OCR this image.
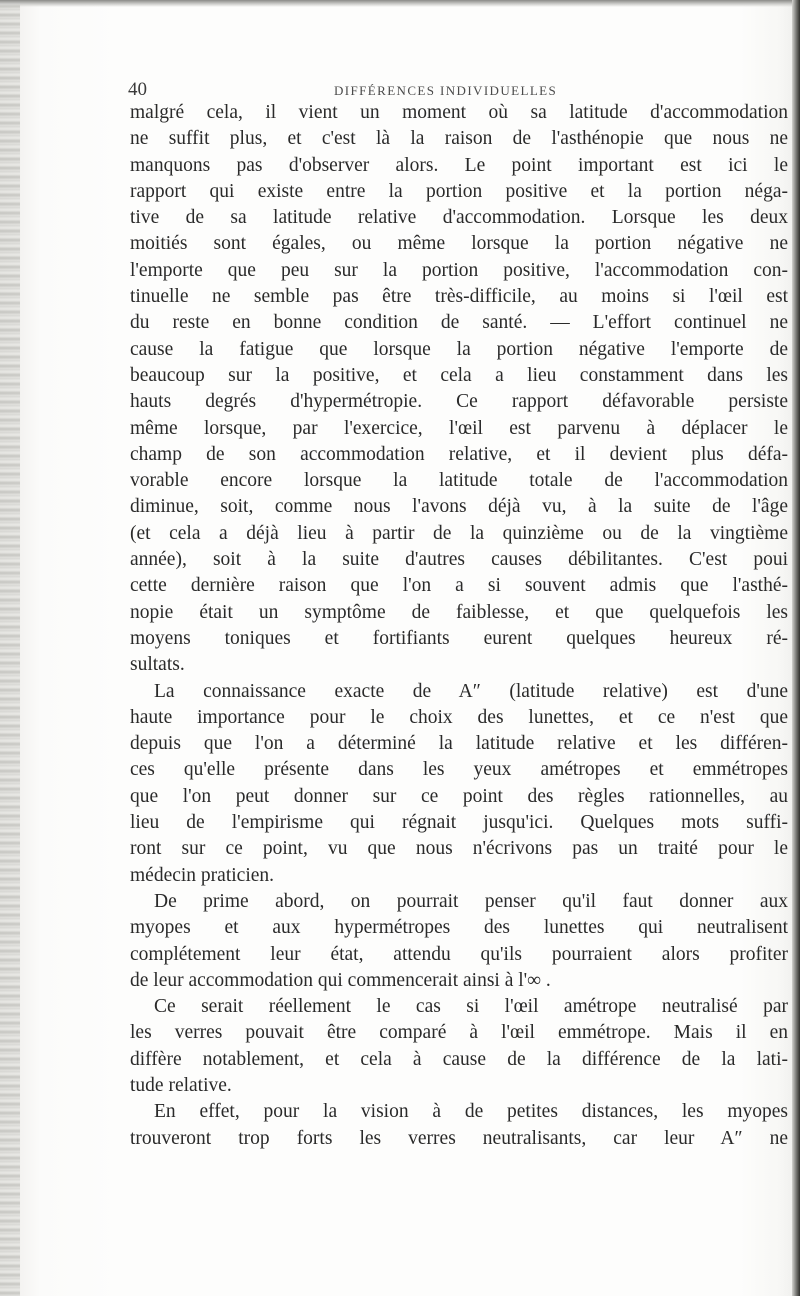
40	DIFFÉRENCES INDIVIDUELLES
malgré cela, il vient un moment où sa latitude d'accommodation
ne suffit plus, et c'est là la raison de l'asthénopie que nous ne
manquons pas d'observer alors. Le point important est ici le
rapport qui existe entre la portion positive et la portion néga-
tive de sa latitude relative d'accommodation. Lorsque les deux
moitiés sont égales, ou même lorsque la portion négative ne
l'emporte que peu sur la portion positive, l'accommodation con-
tinuelle ne semble pas être très-difficile, au moins si l'œil est
du reste en bonne condition de santé. — L'effort continuel ne
cause la fatigue que lorsque la portion négative l'emporte de
beaucoup sur la positive, et cela a lieu constamment dans les
hauts degrés d'hypermétropie. Ce rapport défavorable persiste
même lorsque, par l'exercice, l'œil est parvenu à déplacer le
champ de son accommodation relative, et il devient plus défa-
vorable encore lorsque la latitude totale de l'accommodation
diminue, soit, comme nous l'avons déjà vu, à la suite de l'âge
(et cela a déjà lieu à partir de la quinzième ou de la vingtième
année), soit à la suite d'autres causes débilitantes. C'est poui
cette dernière raison que l'on a si souvent admis que l'asthé-
nopie était un symptôme de faiblesse, et que quelquefois les
moyens toniques et fortifiants eurent quelques heureux ré-
sultats.
La connaissance exacte de A″ (latitude relative) est d'une
haute importance pour le choix des lunettes, et ce n'est que
depuis que l'on a déterminé la latitude relative et les différen-
ces qu'elle présente dans les yeux amétropes et emmétropes
que l'on peut donner sur ce point des règles rationnelles, au
lieu de l'empirisme qui régnait jusqu'ici. Quelques mots suffi-
ront sur ce point, vu que nous n'écrivons pas un traité pour le
médecin praticien.
De prime abord, on pourrait penser qu'il faut donner aux
myopes et aux hypermétropes des lunettes qui neutralisent
complétement leur état, attendu qu'ils pourraient alors profiter
de leur accommodation qui commencerait ainsi à l'∞ .
Ce serait réellement le cas si l'œil amétrope neutralisé par
les verres pouvait être comparé à l'œil emmétrope. Mais il en
diffère notablement, et cela à cause de la différence de la lati-
tude relative.
En effet, pour la vision à de petites distances, les myopes
trouveront trop forts les verres neutralisants, car leur A″ ne
